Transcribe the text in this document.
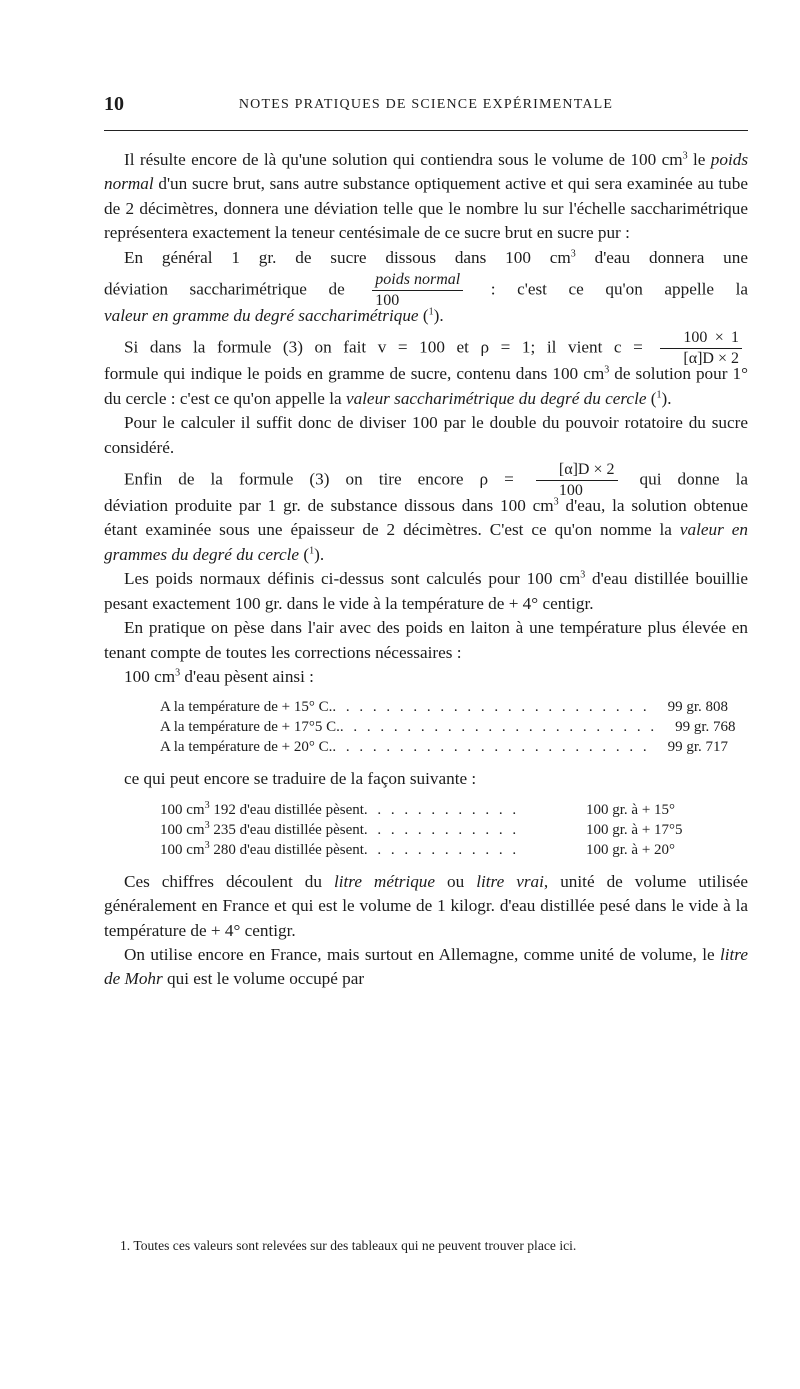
10	NOTES PRATIQUES DE SCIENCE EXPÉRIMENTALE

Il résulte encore de là qu'une solution qui contiendra sous le volume de 100 $cm^3$ le poids normal d'un sucre brut, sans autre substance optiquement active et qui sera examinée au tube de 2 décimètres, donnera une déviation telle que le nombre lu sur l'échelle saccharimétrique représentera exactement la teneur centésimale de ce sucre brut en sucre pur :

En général 1 gr. de sucre dissous dans 100 $cm^3$ d'eau donnera une
déviation saccharimétrique de $\frac{\text{poids normal}}{100}$ : c'est ce qu'on appelle la
valeur en gramme du degré saccharimétrique ($^1$).

Si dans la formule (3) on fait v = 100 et ρ = 1; il vient $c = \frac{100 \times 1}{[\alpha]D \times 2}$
formule qui indique le poids en gramme de sucre, contenu dans 100 $cm^3$ de solution pour 1° du cercle : c'est ce qu'on appelle la valeur saccharimétrique du degré du cercle ($^1$).

Pour le calculer il suffit donc de diviser 100 par le double du pouvoir rotatoire du sucre considéré.

Enfin de la formule (3) on tire encore $\rho = \frac{[\alpha]D \times 2}{100}$ qui donne la
déviation produite par 1 gr. de substance dissous dans 100 $cm^3$ d'eau, la solution obtenue étant examinée sous une épaisseur de 2 décimètres. C'est ce qu'on nomme la valeur en grammes du degré du cercle ($^1$).

Les poids normaux définis ci-dessus sont calculés pour 100 $cm^3$ d'eau distillée bouillie pesant exactement 100 gr. dans le vide à la température de + 4° centigr.

En pratique on pèse dans l'air avec des poids en laiton à une température plus élevée en tenant compte de toutes les corrections nécessaires :

100 $cm^3$ d'eau pèsent ainsi :

A la température de + 15° C. . . . . . . . . . . . . . . . . . . . . . . . .	99 gr. 808
A la température de + 17°5 C. . . . . . . . . . . . . . . . . . . . . . . . .	99 gr. 768
A la température de + 20° C. . . . . . . . . . . . . . . . . . . . . . . . .	99 gr. 717

ce qui peut encore se traduire de la façon suivante :

100 $cm^3$ 192 d'eau distillée pèsent . . . . . . . . . . . .	100 gr. à + 15°
100 $cm^3$ 235 d'eau distillée pèsent . . . . . . . . . . . .	100 gr. à + 17°5
100 $cm^3$ 280 d'eau distillée pèsent . . . . . . . . . . . .	100 gr. à + 20°

Ces chiffres découlent du litre métrique ou litre vrai, unité de volume utilisée généralement en France et qui est le volume de 1 kilogr. d'eau distillée pesé dans le vide à la température de + 4° centigr.

On utilise encore en France, mais surtout en Allemagne, comme unité de volume, le litre de Mohr qui est le volume occupé par

1. Toutes ces valeurs sont relevées sur des tableaux qui ne peuvent trouver place ici.
